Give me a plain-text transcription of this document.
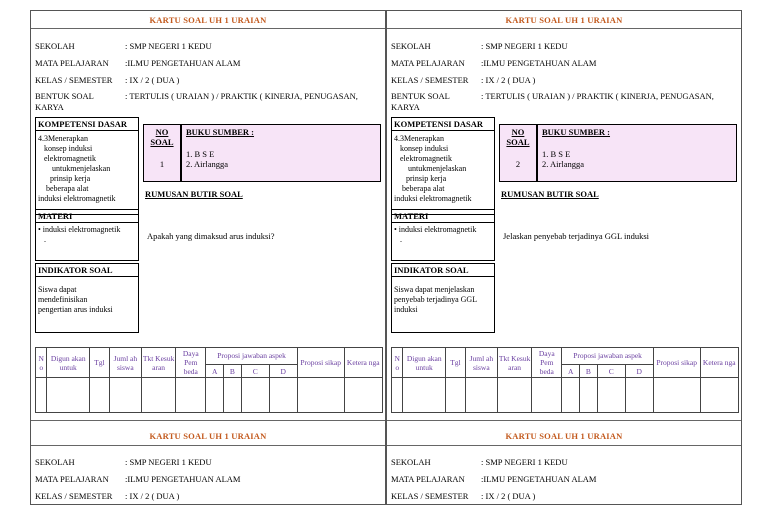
KARTU SOAL UH 1 URAIAN
SEKOLAH	: SMP NEGERI 1 KEDU
MATA PELAJARAN	:ILMU PENGETAHUAN ALAM
KELAS / SEMESTER	: IX / 2 ( DUA )
BENTUK SOAL KARYA
: TERTULIS ( URAIAN ) / PRAKTIK ( KINERJA, PENUGASAN,
KOMPETENSI DASAR
4.3Menerapkan
konsep induksi
elektromagnetik
untukmenjelaskan
prinsip kerja
beberapa alat
induksi elektromagnetik
NO SOAL
1
BUKU SUMBER :
1. B S E
2. Airlangga
RUMUSAN BUTIR SOAL
Apakah yang dimaksud arus induksi?
MATERI
• induksi elektromagnetik
.
INDIKATOR SOAL
Siswa dapat
mendefinisikan
pengertian arus induksi
N o	Digun akan untuk	Tgl	Juml ah siswa	Tkt Kesuk aran	Daya Pem beda	Proposi jawaban aspek				Proposi sikap	Ketera nga
						A	B	C	D		

KARTU SOAL UH 1 URAIAN
SEKOLAH	: SMP NEGERI 1 KEDU
MATA PELAJARAN	:ILMU PENGETAHUAN ALAM
KELAS / SEMESTER	: IX / 2 ( DUA )
KARTU SOAL UH 1 URAIAN
SEKOLAH	: SMP NEGERI 1 KEDU
MATA PELAJARAN	:ILMU PENGETAHUAN ALAM
KELAS / SEMESTER	: IX / 2 ( DUA )
BENTUK SOAL KARYA
: TERTULIS ( URAIAN ) / PRAKTIK ( KINERJA, PENUGASAN,
KOMPETENSI DASAR
4.3Menerapkan
konsep induksi
elektromagnetik
untukmenjelaskan
prinsip kerja
beberapa alat
induksi elektromagnetik
NO SOAL
2
BUKU SUMBER :
1. B S E
2. Airlangga
RUMUSAN BUTIR SOAL
Jelaskan penyebab terjadinya GGL induksi
MATERI
• induksi elektromagnetik
.
INDIKATOR SOAL
Siswa dapat menjelaskan
penyebab terjadinya GGL
induksi
N o	Digun akan untuk	Tgl	Juml ah siswa	Tkt Kesuk aran	Daya Pem beda	Proposi jawaban aspek				Proposi sikap	Ketera nga
						A	B	C	D		

KARTU SOAL UH 1 URAIAN
SEKOLAH	: SMP NEGERI 1 KEDU
MATA PELAJARAN	:ILMU PENGETAHUAN ALAM
KELAS / SEMESTER	: IX / 2 ( DUA )
